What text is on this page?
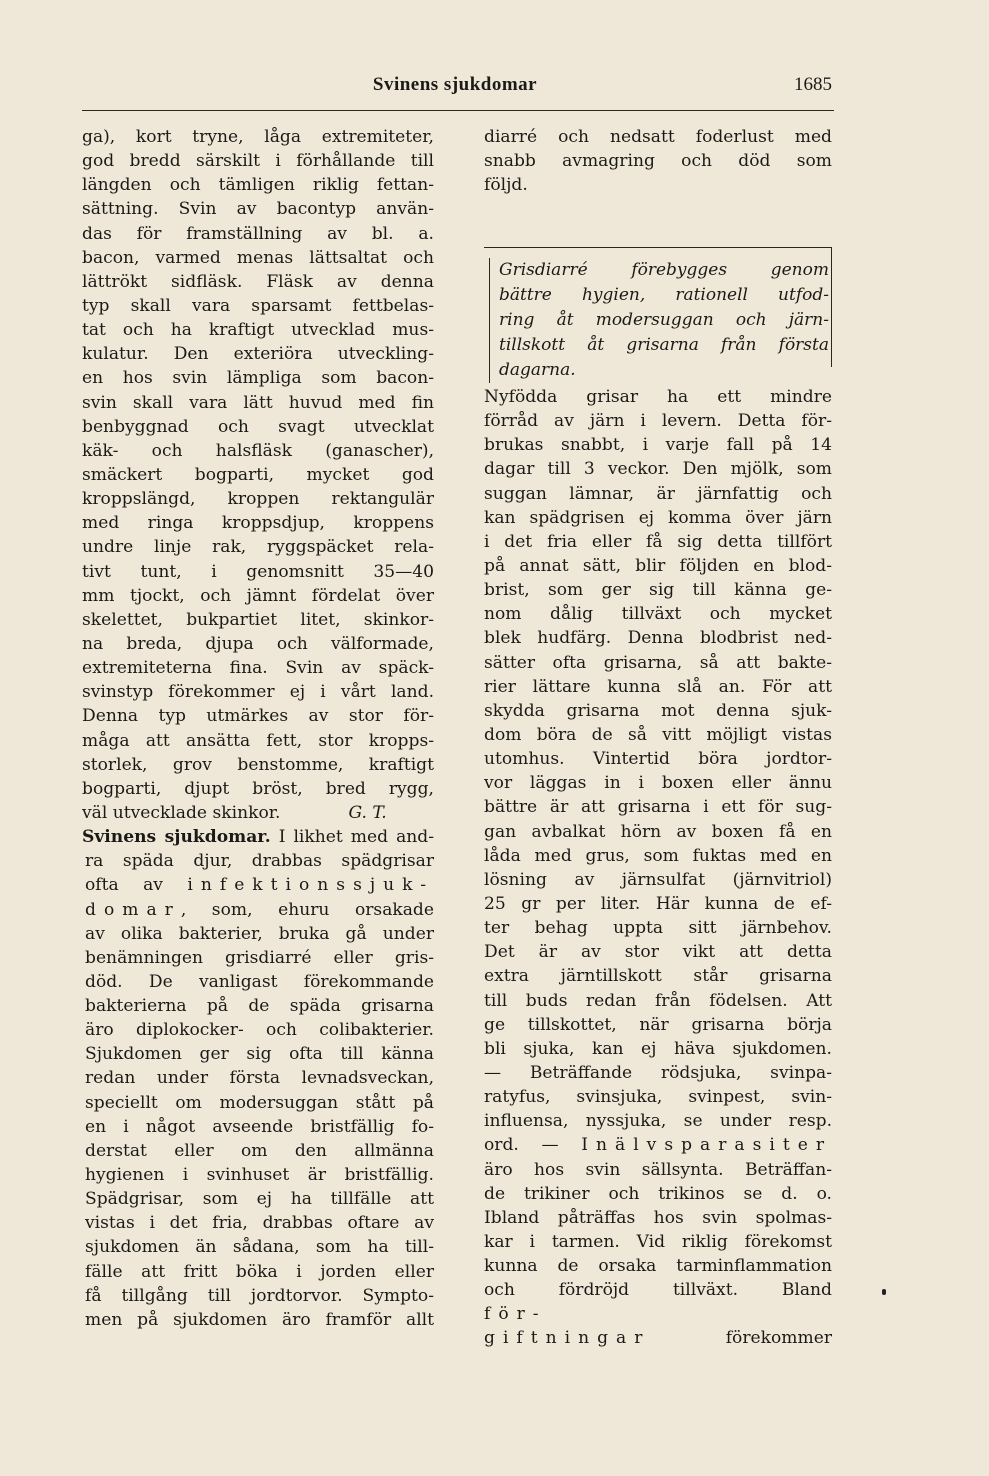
Svinens sjukdomar	1685
ga), kort tryne, låga extremiteter,
god bredd särskilt i förhållande till
längden och tämligen riklig fettan-
sättning. Svin av bacontyp använ-
das för framställning av bl. a.
bacon, varmed menas lättsaltat och
lättrökt sidfläsk. Fläsk av denna
typ skall vara sparsamt fettbelas-
tat och ha kraftigt utvecklad mus-
kulatur. Den exteriöra utveckling-
en hos svin lämpliga som bacon-
svin skall vara lätt huvud med fin
benbyggnad och svagt utvecklat
käk- och halsfläsk (ganascher),
smäckert bogparti, mycket god
kroppslängd, kroppen rektangulär
med ringa kroppsdjup, kroppens
undre linje rak, ryggspäcket rela-
tivt tunt, i genomsnitt 35—40
mm tjockt, och jämnt fördelat över
skelettet, bukpartiet litet, skinkor-
na breda, djupa och välformade,
extremiteterna fina. Svin av späck-
svinstyp förekommer ej i vårt land.
Denna typ utmärkes av stor för-
måga att ansätta fett, stor kropps-
storlek, grov benstomme, kraftigt
bogparti, djupt bröst, bred rygg,
väl utvecklade skinkor.	G. T.
Svinens sjukdomar. I likhet med and-
ra späda djur, drabbas spädgrisar
ofta av infektionssjuk-
domar, som, ehuru orsakade
av olika bakterier, bruka gå under
benämningen grisdiarré eller gris-
död. De vanligast förekommande
bakterierna på de späda grisarna
äro diplokocker- och colibakterier.
Sjukdomen ger sig ofta till känna
redan under första levnadsveckan,
speciellt om modersuggan stått på
en i något avseende bristfällig fo-
derstat eller om den allmänna
hygienen i svinhuset är bristfällig.
Spädgrisar, som ej ha tillfälle att
vistas i det fria, drabbas oftare av
sjukdomen än sådana, som ha till-
fälle att fritt böka i jorden eller
få tillgång till jordtorvor. Sympto-
men på sjukdomen äro framför allt
diarré och nedsatt foderlust med
snabb avmagring och död som
följd.
Grisdiarré förebygges genom
bättre hygien, rationell utfod-
ring åt modersuggan och järn-
tillskott åt grisarna från första
dagarna.
Nyfödda grisar ha ett mindre
förråd av järn i levern. Detta för-
brukas snabbt, i varje fall på 14
dagar till 3 veckor. Den mjölk, som
suggan lämnar, är järnfattig och
kan spädgrisen ej komma över järn
i det fria eller få sig detta tillfört
på annat sätt, blir följden en blod-
brist, som ger sig till känna ge-
nom dålig tillväxt och mycket
blek hudfärg. Denna blodbrist ned-
sätter ofta grisarna, så att bakte-
rier lättare kunna slå an. För att
skydda grisarna mot denna sjuk-
dom böra de så vitt möjligt vistas
utomhus. Vintertid böra jordtor-
vor läggas in i boxen eller ännu
bättre är att grisarna i ett för sug-
gan avbalkat hörn av boxen få en
låda med grus, som fuktas med en
lösning av järnsulfat (järnvitriol)
25 gr per liter. Här kunna de ef-
ter behag uppta sitt järnbehov.
Det är av stor vikt att detta
extra järntillskott står grisarna
till buds redan från födelsen. Att
ge tillskottet, när grisarna börja
bli sjuka, kan ej häva sjukdomen.
— Beträffande rödsjuka, svinpa-
ratyfus, svinsjuka, svinpest, svin-
influensa, nyssjuka, se under resp.
ord. — Inälvsparasiter
äro hos svin sällsynta. Beträffan-
de trikiner och trikinos se d. o.
Ibland påträffas hos svin spolmas-
kar i tarmen. Vid riklig förekomst
kunna de orsaka tarminflammation
och fördröjd tillväxt. Bland
för-
giftningar	förekommer
